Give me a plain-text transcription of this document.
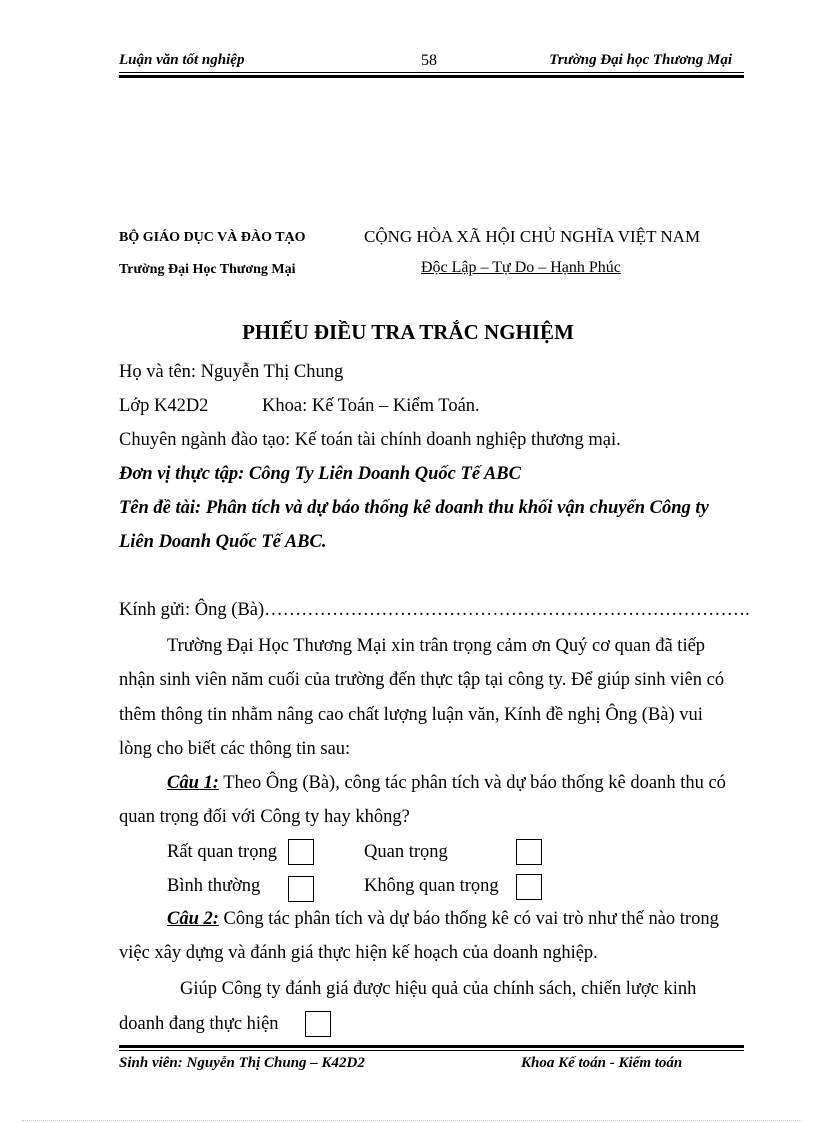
Luận văn tốt nghiệp	58	Trường Đại học Thương Mại
BỘ GIÁO DỤC VÀ ĐÀO TẠO
Trường Đại Học Thương Mại
CỘNG HÒA XÃ HỘI CHỦ NGHĨA VIỆT NAM
Độc Lập – Tự Do – Hạnh Phúc
PHIẾU ĐIỀU TRA TRẮC NGHIỆM
Họ và tên: Nguyễn Thị Chung
Lớp K42D2	Khoa: Kế Toán – Kiểm Toán.
Chuyên ngành đào tạo: Kế toán tài chính doanh nghiệp thương mại.
Đơn vị thực tập: Công Ty Liên Doanh Quốc Tế ABC
Tên đề tài: Phân tích và dự báo thống kê doanh thu khối vận chuyển Công ty
Liên Doanh Quốc Tế ABC.
Kính gửi: Ông (Bà)…………………………………………………………………….
Trường Đại Học Thương Mại xin trân trọng cảm ơn Quý cơ quan đã tiếp
nhận sinh viên năm cuối của trường đến thực tập tại công ty. Để giúp sinh viên có
thêm thông tin nhằm nâng cao chất lượng luận văn, Kính đề nghị Ông (Bà) vui
lòng cho biết các thông tin sau:
Câu 1: Theo Ông (Bà), công tác phân tích và dự báo thống kê doanh thu có
quan trọng đối với Công ty hay không?
Rất quan trọng	Quan trọng
Bình thường	Không quan trọng
Câu 2: Công tác phân tích và dự báo thống kê có vai trò như thế nào trong
việc xây dựng và đánh giá thực hiện kế hoạch của doanh nghiệp.
Giúp Công ty đánh giá được hiệu quả của chính sách, chiến lược kinh
doanh đang thực hiện
Sinh viên: Nguyễn Thị Chung – K42D2	Khoa Kế toán - Kiểm toán
